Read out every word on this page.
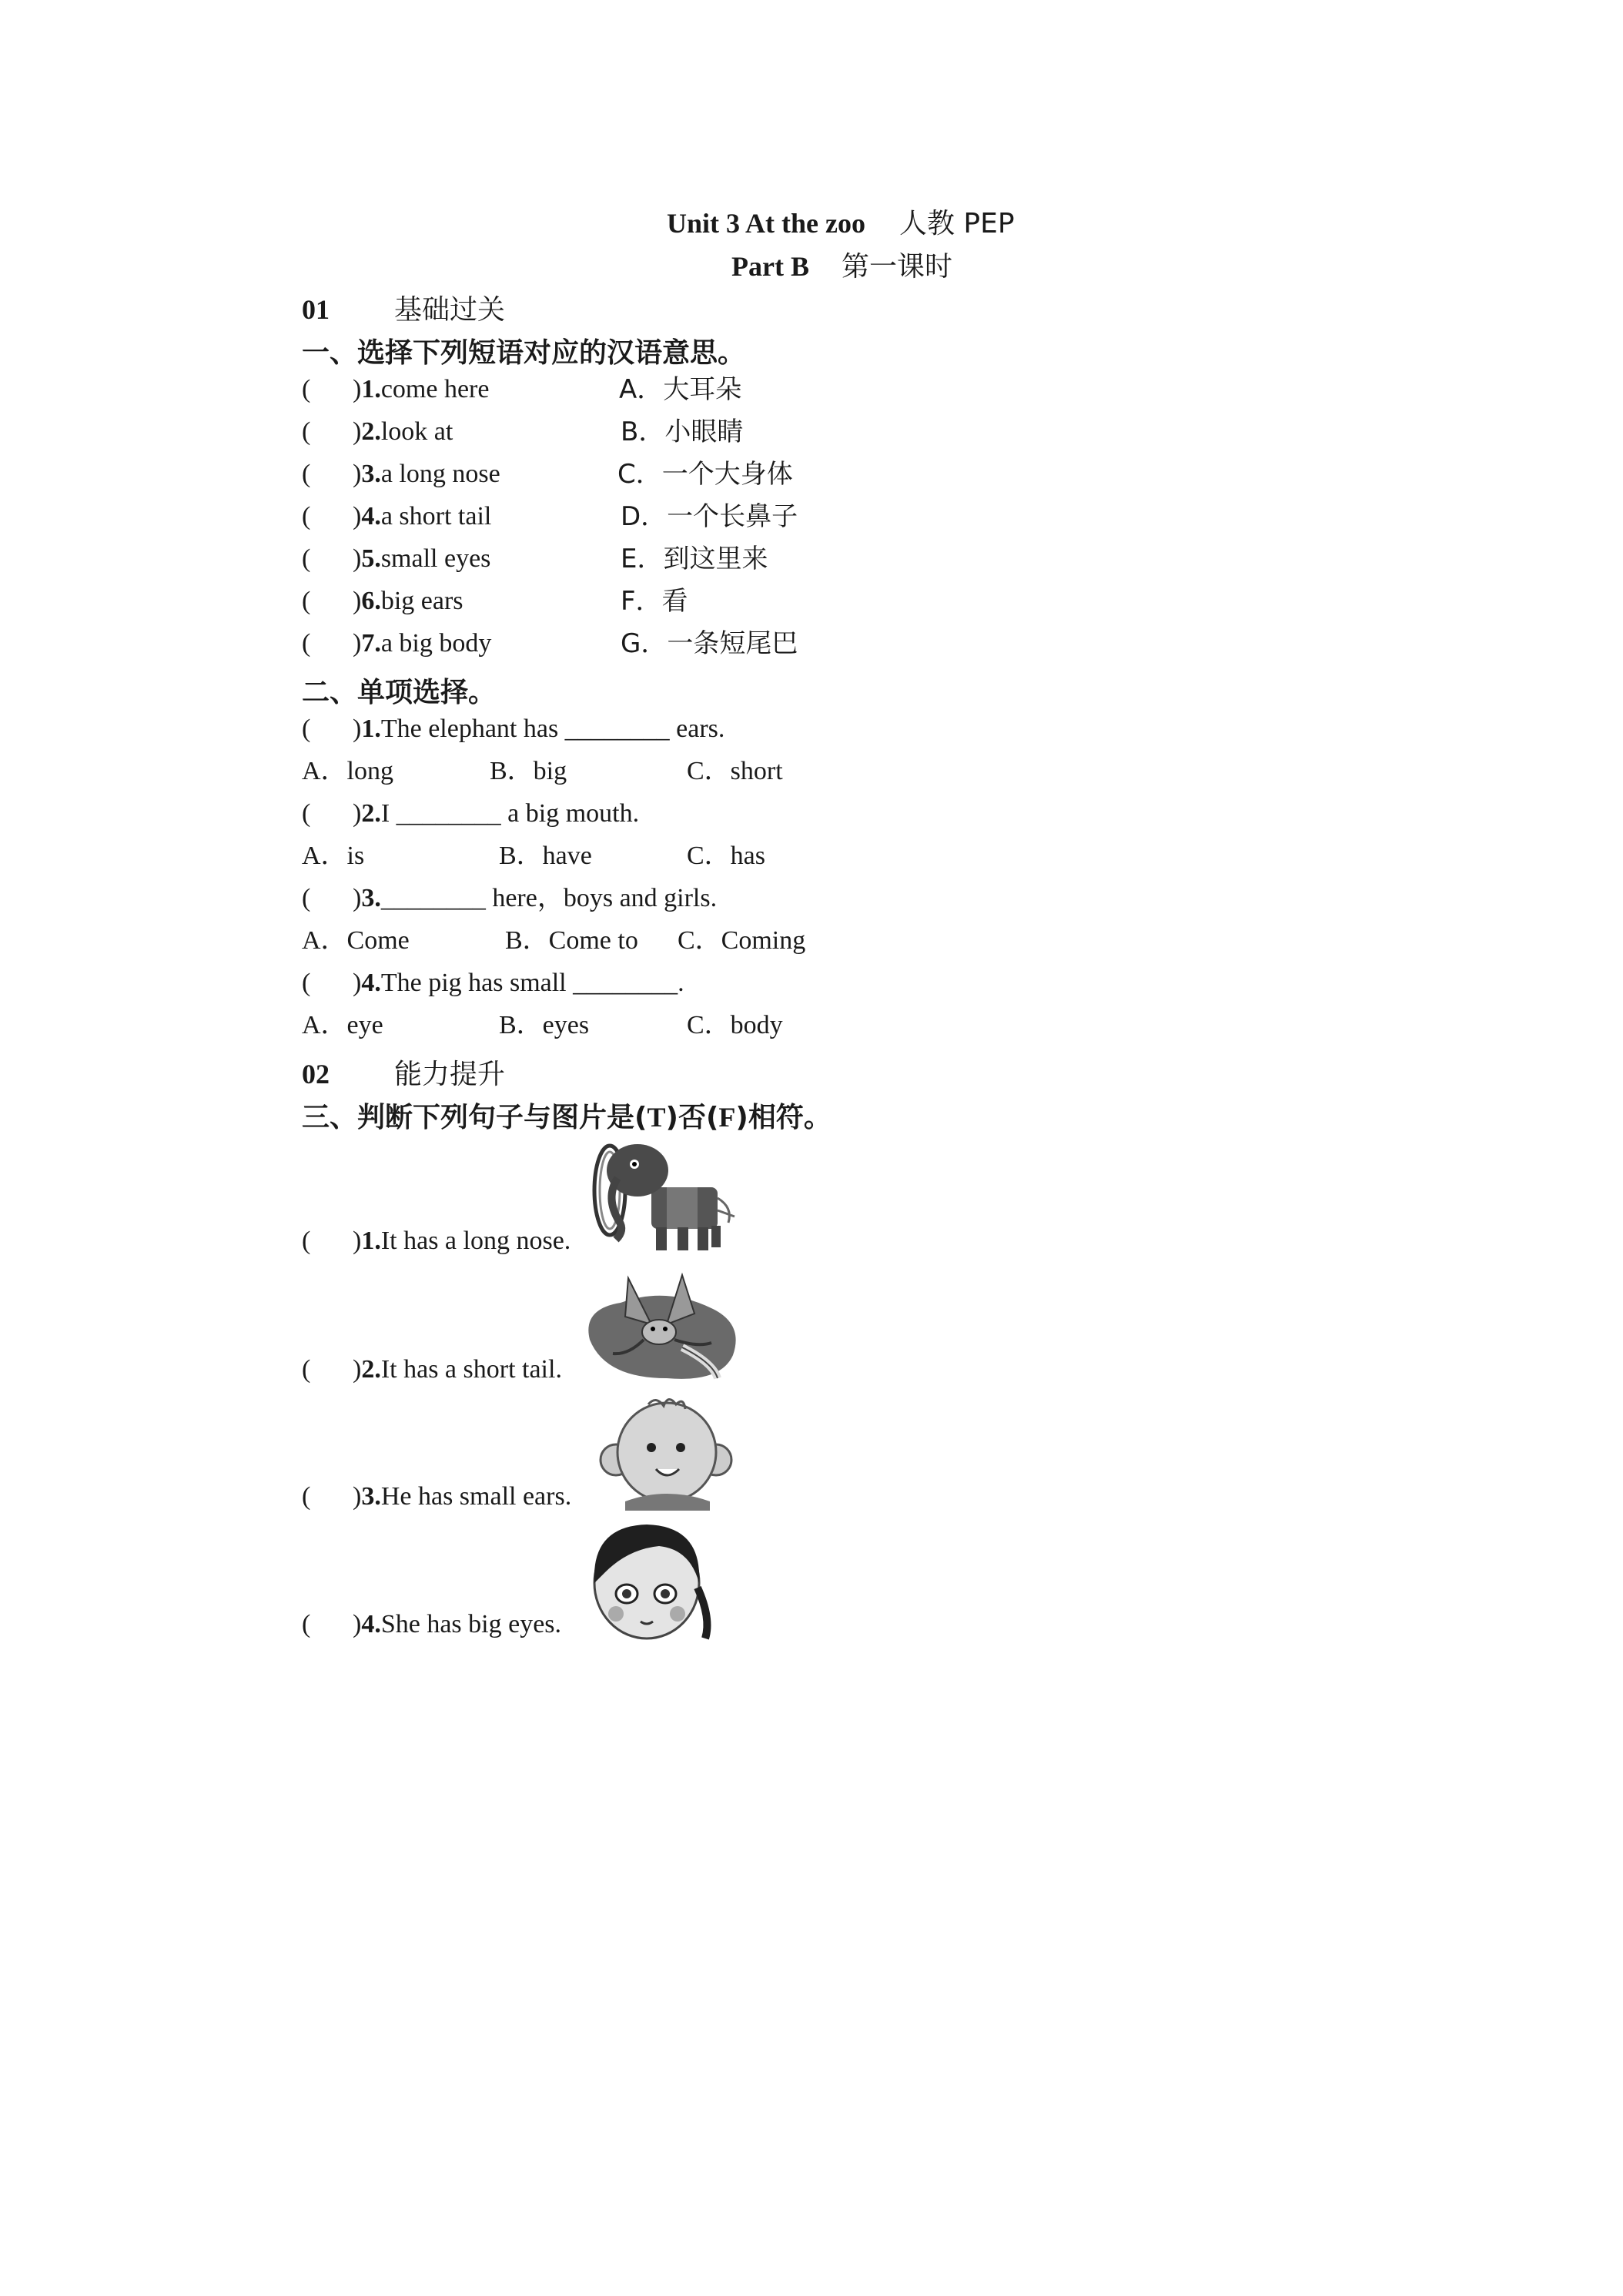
Unit 3 At the zoo 人教 PEP
Part B 第一课时
01 基础过关
一、选择下列短语对应的汉语意思。
( )1.come here	A．大耳朵
( )2.look at	B．小眼睛
( )3.a long nose	C．一个大身体
( )4.a short tail	D．一个长鼻子
( )5.small eyes	E．到这里来
( )6.big ears	F．看
( )7.a big body	G．一条短尾巴
二、单项选择。
( )1.The elephant has ________ ears.
A．long	B．big	C．short
( )2.I ________ a big mouth.
A．is	B．have	C．has
( )3.________ here，boys and girls.
A．Come	B．Come to C．Coming
( )4.The pig has small ________.
A．eye	B．eyes	C．body
02 能力提升
三、判断下列句子与图片是(T)否(F)相符。
( )1.It has a long nose.
( )2.It has a short tail.
( )3.He has small ears.
( )4.She has big eyes.
